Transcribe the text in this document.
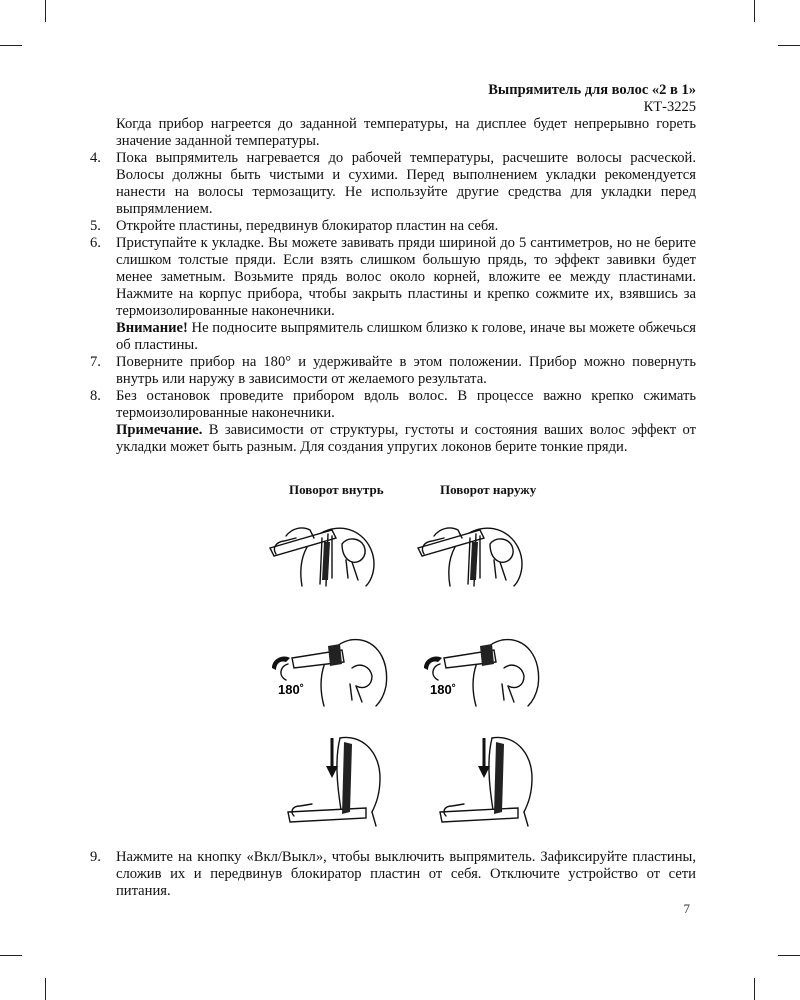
Выпрямитель для волос «2 в 1»
КТ-3225

Когда прибор нагреется до заданной температуры, на дисплее будет непрерывно гореть значение заданной температуры.

4. Пока выпрямитель нагревается до рабочей температуры, расчешите волосы расческой. Волосы должны быть чистыми и сухими. Перед выполнением укладки рекомендуется нанести на волосы термозащиту. Не используйте другие средства для укладки перед выпрямлением.
5. Откройте пластины, передвинув блокиратор пластин на себя.
6. Приступайте к укладке. Вы можете завивать пряди шириной до 5 сантиметров, но не берите слишком толстые пряди. Если взять слишком большую прядь, то эффект завивки будет менее заметным. Возьмите прядь волос около корней, вложите ее между пластинами. Нажмите на корпус прибора, чтобы закрыть пластины и крепко сожмите их, взявшись за термоизолированные наконечники.

Внимание! Не подносите выпрямитель слишком близко к голове, иначе вы можете обжечься об пластины.

7. Поверните прибор на 180° и удерживайте в этом положении. Прибор можно повернуть внутрь или наружу в зависимости от желаемого результата.
8. Без остановок проведите прибором вдоль волос. В процессе важно крепко сжимать термоизолированные наконечники.

Примечание. В зависимости от структуры, густоты и состояния ваших волос эффект от укладки может быть разным. Для создания упругих локонов берите тонкие пряди.

Поворот внутрь	Поворот наружу
180˚	180˚
9. Нажмите на кнопку «Вкл/Выкл», чтобы выключить выпрямитель. Зафиксируйте пластины, сложив их и передвинув блокиратор пластин от себя. Отключите устройство от сети питания.
7
